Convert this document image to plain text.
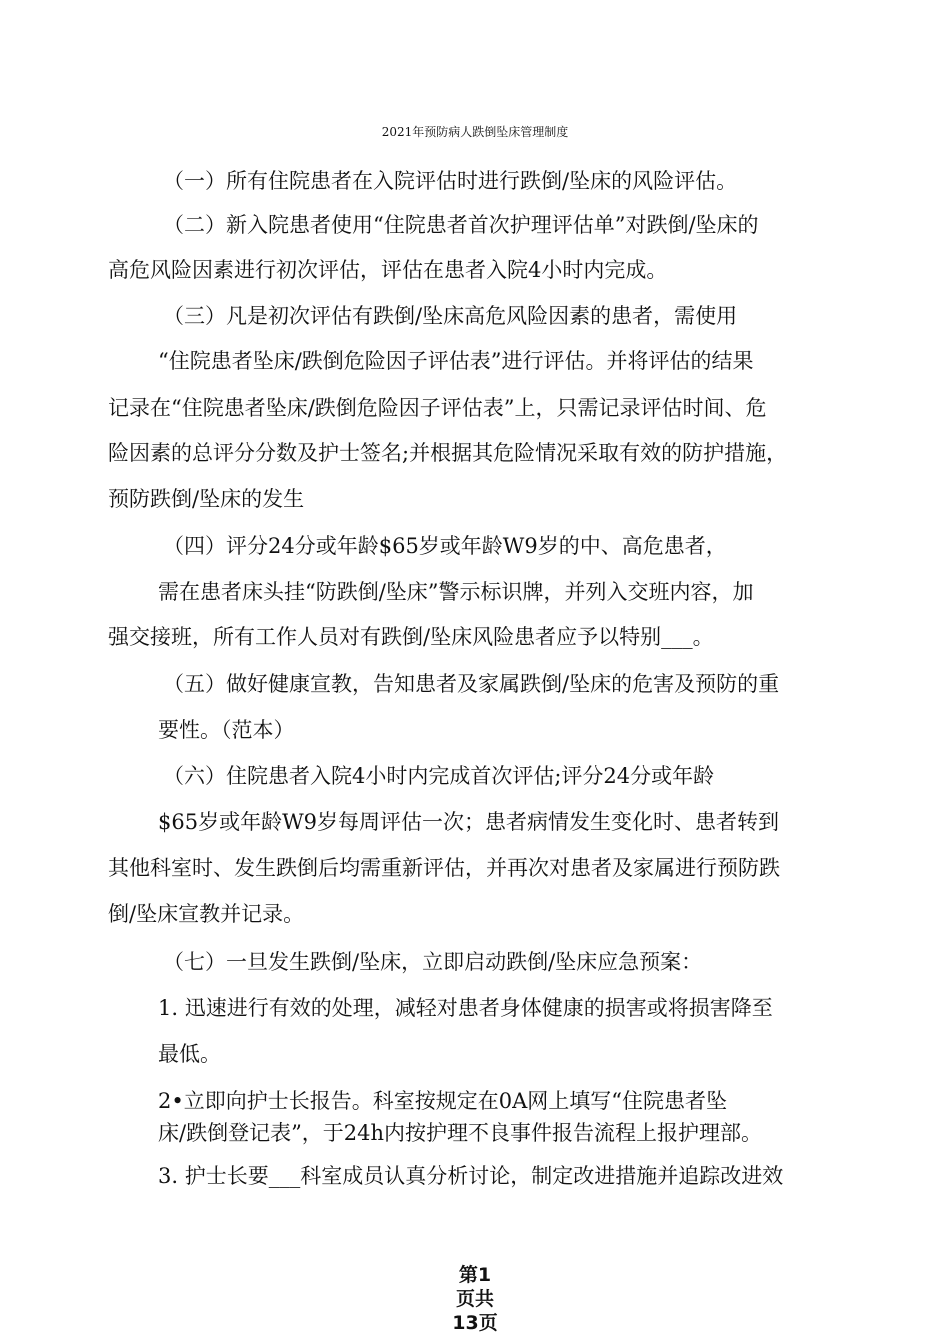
2021年预防病人跌倒坠床管理制度
（一）所有住院患者在入院评估时进行跌倒/坠床的风险评估。
（二）新入院患者使用“住院患者首次护理评估单”对跌倒/坠床的
高危风险因素进行初次评估，评估在患者入院4小时内完成。
（三）凡是初次评估有跌倒/坠床高危风险因素的患者，需使用
“住院患者坠床/跌倒危险因子评估表”进行评估。并将评估的结果
记录在“住院患者坠床/跌倒危险因子评估表”上，只需记录评估时间、危
险因素的总评分分数及护士签名;并根据其危险情况采取有效的防护措施，
预防跌倒/坠床的发生
（四）评分24分或年龄$65岁或年龄W9岁的中、高危患者，
需在患者床头挂“防跌倒/坠床”警示标识牌，并列入交班内容，加
强交接班，所有工作人员对有跌倒/坠床风险患者应予以特别___。
（五）做好健康宣教，告知患者及家属跌倒/坠床的危害及预防的重
要性。（范本）
（六）住院患者入院4小时内完成首次评估;评分24分或年龄
$65岁或年龄W9岁每周评估一次；患者病情发生变化时、患者转到
其他科室时、发生跌倒后均需重新评估，并再次对患者及家属进行预防跌
倒/坠床宣教并记录。
（七）一旦发生跌倒/坠床，立即启动跌倒/坠床应急预案：
1. 迅速进行有效的处理，减轻对患者身体健康的损害或将损害降至
最低。
2•立即向护士长报告。科室按规定在0A网上填写“住院患者坠
床/跌倒登记表”，于24h内按护理不良事件报告流程上报护理部。
3. 护士长要___科室成员认真分析讨论，制定改进措施并追踪改进效
第1
页共
13页
